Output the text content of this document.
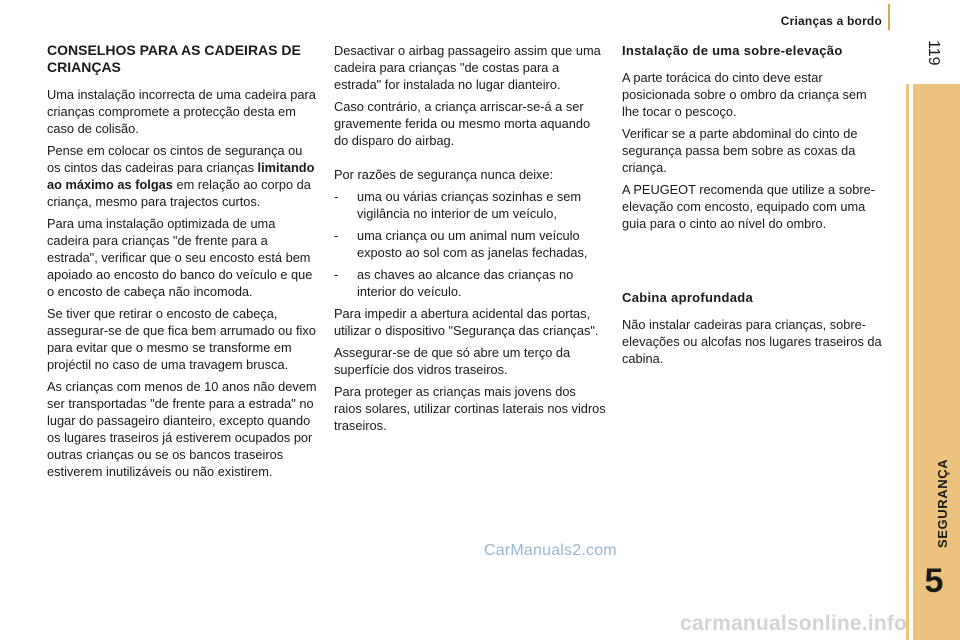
Crianças a bordo
119
SEGURANÇA
5
CONSELHOS PARA AS CADEIRAS DE CRIANÇAS

Uma instalação incorrecta de uma cadeira para crianças compromete a protecção desta em caso de colisão.

Pense em colocar os cintos de segurança ou os cintos das cadeiras para crianças limitando ao máximo as folgas em relação ao corpo da criança, mesmo para trajectos curtos.

Para uma instalação optimizada de uma cadeira para crianças "de frente para a estrada", verificar que o seu encosto está bem apoiado ao encosto do banco do veículo e que o encosto de cabeça não incomoda.

Se tiver que retirar o encosto de cabeça, assegurar-se de que fica bem arrumado ou fixo para evitar que o mesmo se transforme em projéctil no caso de uma travagem brusca.

As crianças com menos de 10 anos não devem ser transportadas "de frente para a estrada" no lugar do passageiro dianteiro, excepto quando os lugares traseiros já estiverem ocupados por outras crianças ou se os bancos traseiros estiverem inutilizáveis ou não existirem.

Desactivar o airbag passageiro assim que uma cadeira para crianças "de costas para a estrada" for instalada no lugar dianteiro.

Caso contrário, a criança arriscar-se-á a ser gravemente ferida ou mesmo morta aquando do disparo do airbag.

Por razões de segurança nunca deixe:

- uma ou várias crianças sozinhas e sem vigilância no interior de um veículo,
- uma criança ou um animal num veículo exposto ao sol com as janelas fechadas,
- as chaves ao alcance das crianças no interior do veículo.

Para impedir a abertura acidental das portas, utilizar o dispositivo "Segurança das crianças".

Assegurar-se de que só abre um terço da superfície dos vidros traseiros.

Para proteger as crianças mais jovens dos raios solares, utilizar cortinas laterais nos vidros traseiros.

Instalação de uma sobre-elevação

A parte torácica do cinto deve estar posicionada sobre o ombro da criança sem lhe tocar o pescoço.

Verificar se a parte abdominal do cinto de segurança passa bem sobre as coxas da criança.

A PEUGEOT recomenda que utilize a sobre-elevação com encosto, equipado com uma guia para o cinto ao nível do ombro.

Cabina aprofundada

Não instalar cadeiras para crianças, sobre-elevações ou alcofas nos lugares traseiros da cabina.

CarManuals2.com
carmanualsonline.info
